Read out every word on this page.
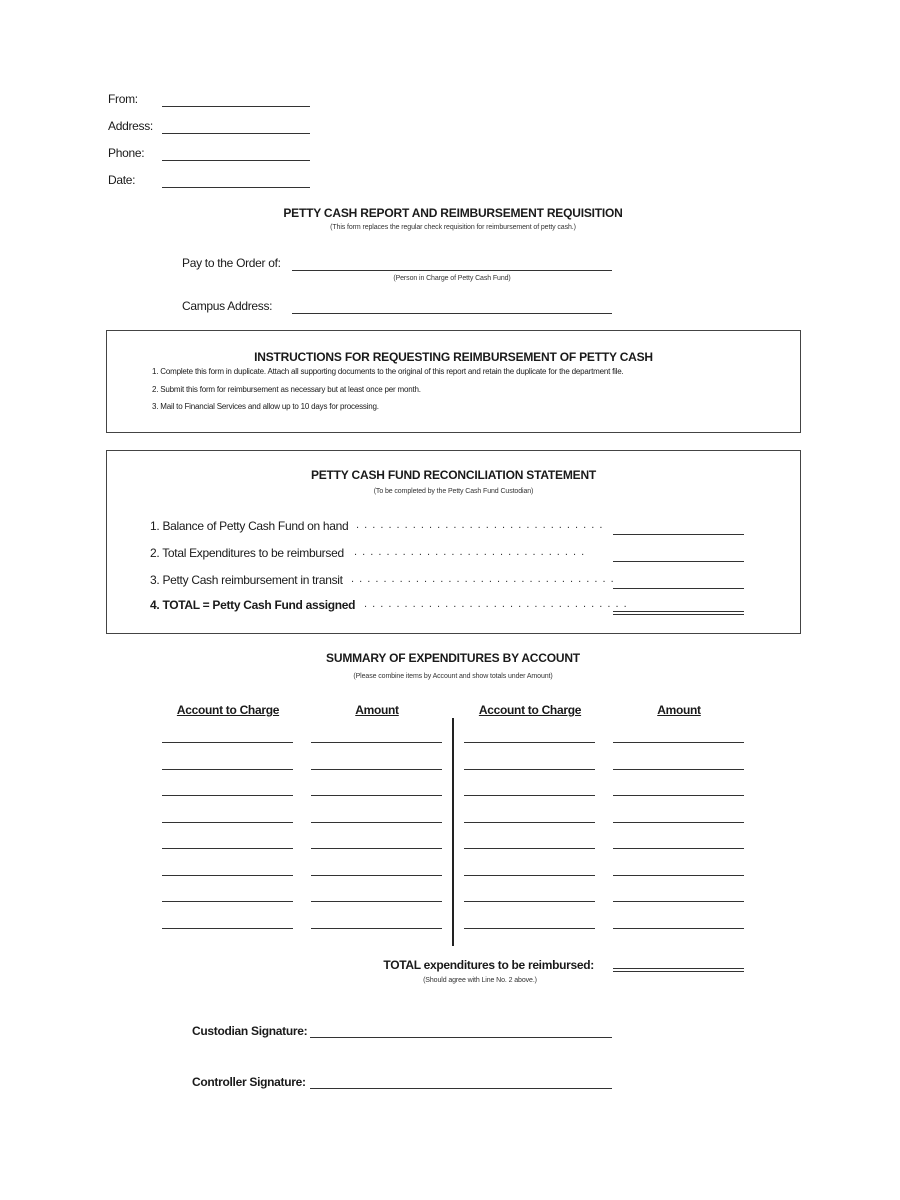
From:
Address:
Phone:
Date:
PETTY CASH REPORT AND REIMBURSEMENT REQUISITION
(This form replaces the regular check requisition for reimbursement of petty cash.)
Pay to the Order of:
(Person in Charge of Petty Cash Fund)
Campus Address:
INSTRUCTIONS FOR REQUESTING REIMBURSEMENT OF PETTY CASH
1. Complete this form in duplicate. Attach all supporting documents to the original of this report and retain the duplicate for the department file.
2. Submit this form for reimbursement as necessary but at least once per month.
3. Mail to Financial Services and allow up to 10 days for processing.
PETTY CASH FUND RECONCILIATION STATEMENT
(To be completed by the Petty Cash Fund Custodian)
1. Balance of Petty Cash Fund on hand . . . . . . . . . . . . . . . . . . . . . . . . . . . . . . .
2. Total Expenditures to be reimbursed . . . . . . . . . . . . . . . . . . . . . . . . . . . . .
3. Petty Cash reimbursement in transit . . . . . . . . . . . . . . . . . . . . . . . . . . . . . . . . .
4. TOTAL = Petty Cash Fund assigned . . . . . . . . . . . . . . . . . . . . . . . . . . . . . . . . .
SUMMARY OF EXPENDITURES BY ACCOUNT
(Please combine items by Account and show totals under Amount)
Account to Charge	Amount	Account to Charge	Amount
TOTAL expenditures to be reimbursed:
(Should agree with Line No. 2 above.)
Custodian Signature:
Controller Signature:
